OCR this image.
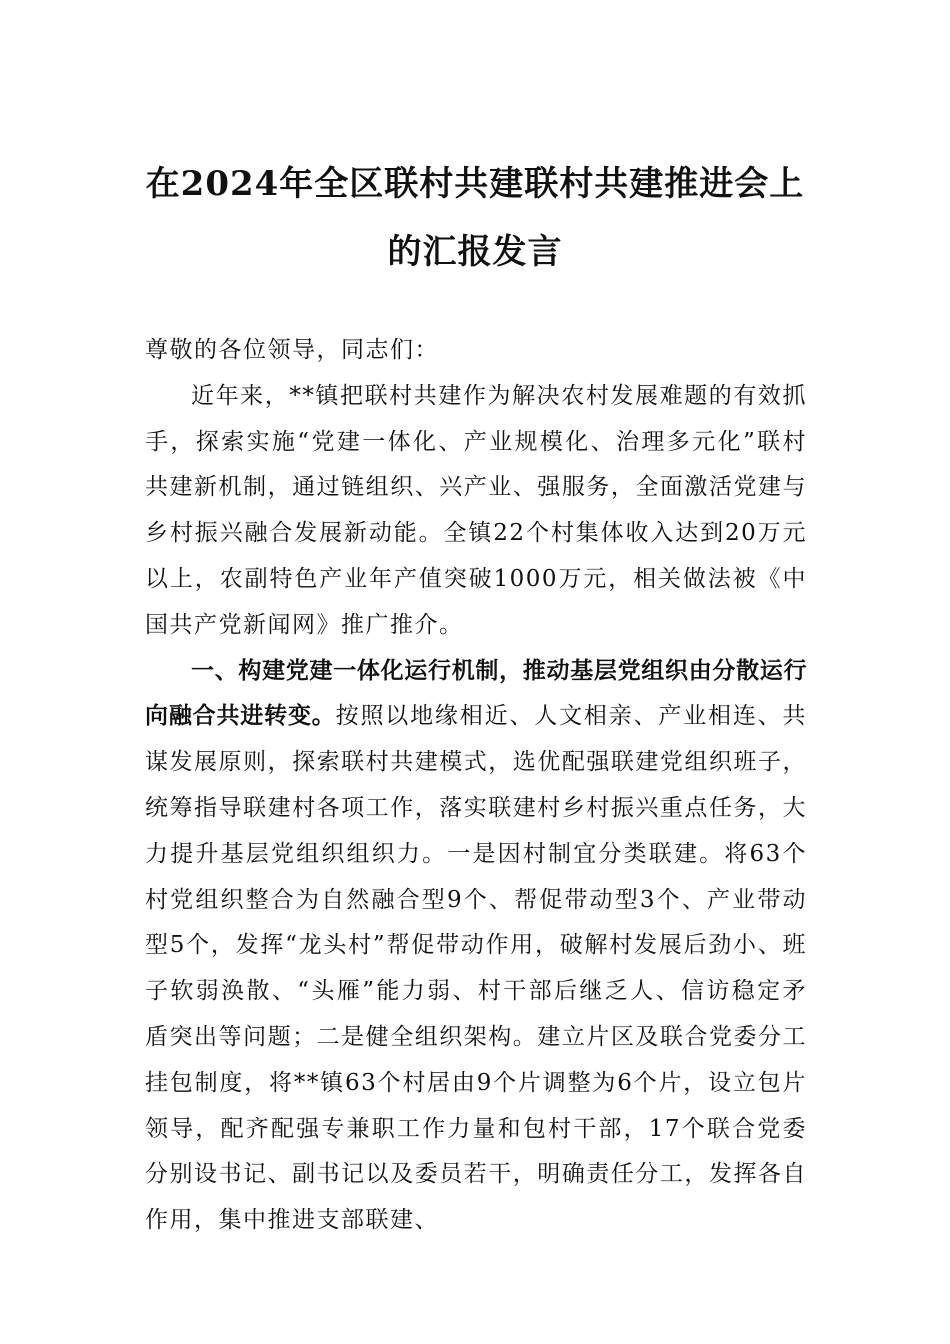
在2024年全区联村共建联村共建推进会上
的汇报发言

尊敬的各位领导，同志们：

近年来，**镇把联村共建作为解决农村发展难题的有效抓手，探索实施“党建一体化、产业规模化、治理多元化”联村共建新机制，通过链组织、兴产业、强服务，全面激活党建与乡村振兴融合发展新动能。全镇22个村集体收入达到20万元以上，农副特色产业年产值突破1000万元，相关做法被《中国共产党新闻网》推广推介。

一、构建党建一体化运行机制，推动基层党组织由分散运行向融合共进转变。按照以地缘相近、人文相亲、产业相连、共谋发展原则，探索联村共建模式，选优配强联建党组织班子，统筹指导联建村各项工作，落实联建村乡村振兴重点任务，大力提升基层党组织组织力。一是因村制宜分类联建。将63个村党组织整合为自然融合型9个、帮促带动型3个、产业带动型5个，发挥“龙头村”帮促带动作用，破解村发展后劲小、班子软弱涣散、“头雁”能力弱、村干部后继乏人、信访稳定矛盾突出等问题；二是健全组织架构。建立片区及联合党委分工挂包制度，将**镇63个村居由9个片调整为6个片，设立包片领导，配齐配强专兼职工作力量和包村干部，17个联合党委分别设书记、副书记以及委员若干，明确责任分工，发挥各自作用，集中推进支部联建、
